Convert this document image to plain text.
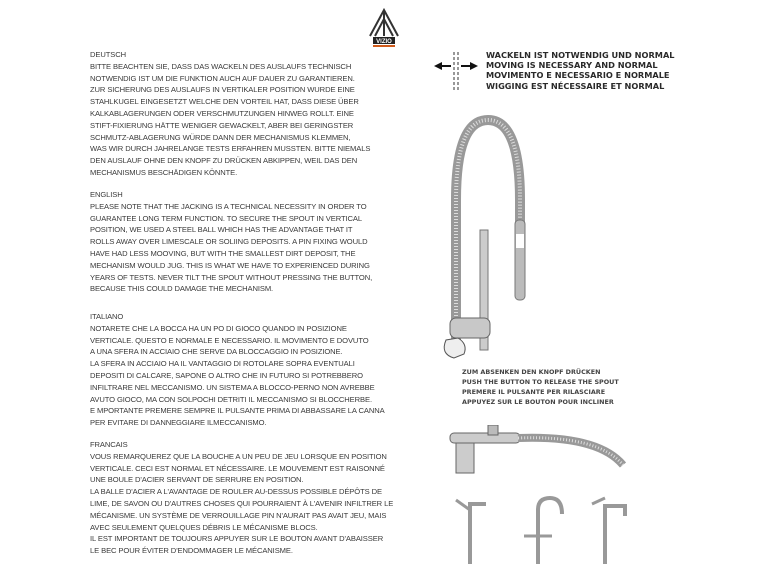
VIZIO
DEUTSCH
BITTE BEACHTEN SIE, DASS DAS WACKELN DES AUSLAUFS TECHNISCH
NOTWENDIG IST UM DIE FUNKTION AUCH AUF DAUER ZU GARANTIEREN.
ZUR SICHERUNG DES AUSLAUFS IN VERTIKALER POSITION WURDE EINE
STAHLKUGEL EINGESETZT WELCHE DEN VORTEIL HAT, DASS DIESE ÜBER
KALKABLAGERUNGEN ODER VERSCHMUTZUNGEN HINWEG ROLLT. EINE
STIFT-FIXIERUNG HÄTTE WENIGER GEWACKELT, ABER BEI GERINGSTER
SCHMUTZ-ABLAGERUNG WÜRDE DANN DER MECHANISMUS KLEMMEN,
WAS WIR DURCH JAHRELANGE TESTS ERFAHREN MUSSTEN. BITTE NIEMALS
DEN AUSLAUF OHNE DEN KNOPF ZU DRÜCKEN ABKIPPEN, WEIL DAS DEN
MECHANISMUS BESCHÄDIGEN KÖNNTE.
ENGLISH
PLEASE NOTE THAT THE JACKING IS A TECHNICAL NECESSITY IN ORDER TO
GUARANTEE LONG TERM FUNCTION. TO SECURE THE SPOUT IN VERTICAL
POSITION, WE USED A STEEL BALL WHICH HAS THE ADVANTAGE THAT IT
ROLLS AWAY OVER LIMESCALE OR SOLIING DEPOSITS. A PIN FIXING WOULD
HAVE HAD LESS MOOVING, BUT WITH THE SMALLEST DIRT DEPOSIT, THE
MECHANISM WOULD JUG. THIS IS WHAT WE HAVE TO EXPERIENCED DURING
YEARS OF TESTS. NEVER TILT THE SPOUT WITHOUT PRESSING THE BUTTON,
BECAUSE THIS COULD DAMAGE THE MECHANISM.
ITALIANO
NOTARETE CHE LA BOCCA HA UN PO DI GIOCO QUANDO IN POSIZIONE
VERTICALE. QUESTO E NORMALE E NECESSARIO. IL MOVIMENTO E DOVUTO
A UNA SFERA IN ACCIAIO CHE SERVE DA BLOCCAGGIO IN POSIZIONE.
LA SFERA IN ACCIAIO HA IL VANTAGGIO DI ROTOLARE SOPRA EVENTUALI
DEPOSITI DI CALCARE, SAPONE O ALTRO CHE IN FUTURO SI POTREBBERO
INFILTRARE NEL MECCANISMO. UN SISTEMA A BLOCCO-PERNO NON AVREBBE
AVUTO GIOCO, MA CON SOLPOCHI DETRITI IL MECCANISMO SI BLOCCHERBE.
E MPORTANTE PREMERE SEMPRE IL PULSANTE PRIMA DI ABBASSARE LA CANNA
PER EVITARE DI DANNEGGIARE ILMECCANISMO.
FRANCAIS
VOUS REMARQUEREZ QUE LA BOUCHE A UN PEU DE JEU LORSQUE EN POSITION
VERTICALE. CECI EST NORMAL ET NÉCESSAIRE. LE MOUVEMENT EST RAISONNÉ
UNE BOULE D'ACIER SERVANT DE SERRURE EN POSITION.
LA BALLE D'ACIER A L'AVANTAGE DE ROULER AU-DESSUS POSSIBLE DÉPÔTS DE
LIME, DE SAVON OU D'AUTRES CHOSES QUI POURRAIENT À L'AVENIR INFILTRER LE
MÉCANISME. UN SYSTÈME DE VERROUILLAGE PIN N'AURAIT PAS AVAIT JEU, MAIS
AVEC SEULEMENT QUELQUES DÉBRIS LE MÉCANISME BLOCS.
IL EST IMPORTANT DE TOUJOURS APPUYER SUR LE BOUTON AVANT D'ABAISSER
LE BEC POUR ÉVITER D'ENDOMMAGER LE MÉCANISME.
WACKELN IST NOTWENDIG UND NORMAL
MOVING IS NECESSARY AND NORMAL
MOVIMENTO E NECESSARIO E NORMALE
WIGGING EST NÉCESSAIRE ET NORMAL
ZUM ABSENKEN DEN KNOPF DRÜCKEN
PUSH THE BUTTON TO RELEASE THE SPOUT
PREMERE IL PULSANTE PER RILASCIARE
APPUYEZ SUR LE BOUTON POUR INCLINER
